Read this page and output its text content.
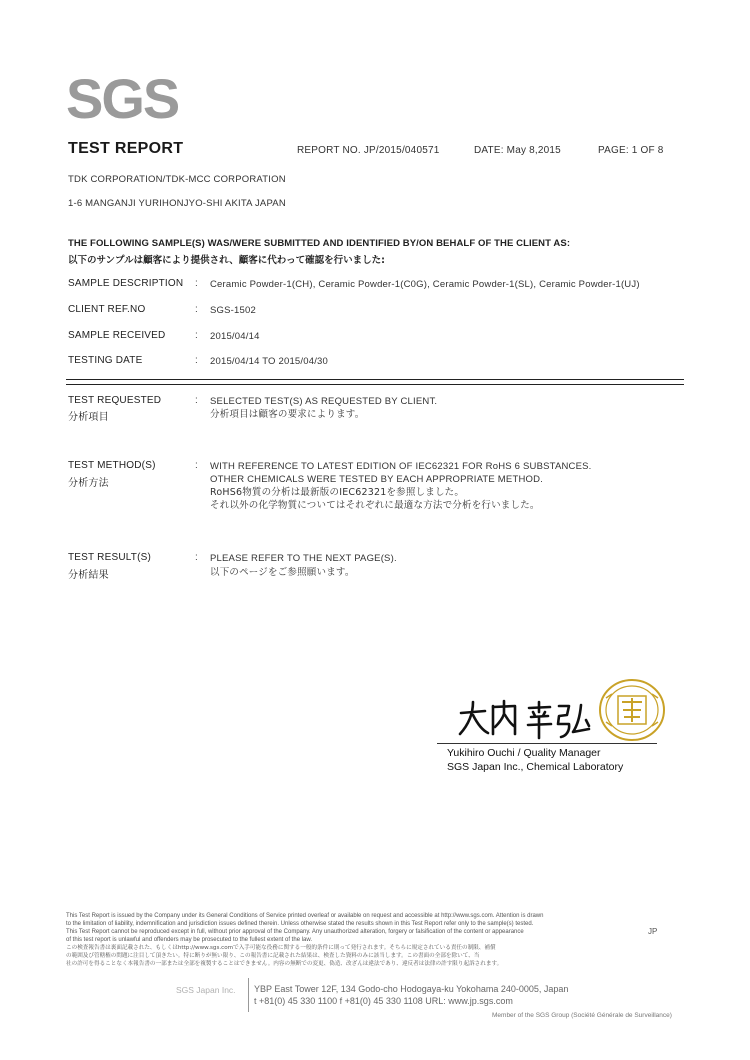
SGS
TEST REPORT	REPORT NO. JP/2015/040571	DATE: May 8,2015	PAGE: 1 OF 8
TDK CORPORATION/TDK-MCC CORPORATION
1-6 MANGANJI YURIHONJYO-SHI AKITA JAPAN
THE FOLLOWING SAMPLE(S) WAS/WERE SUBMITTED AND IDENTIFIED BY/ON BEHALF OF THE CLIENT AS:
以下のサンプルは顧客により提供され、顧客に代わって確認を行いました:
SAMPLE DESCRIPTION : Ceramic Powder-1(CH), Ceramic Powder-1(C0G), Ceramic Powder-1(SL), Ceramic Powder-1(UJ)
CLIENT REF.NO	: SGS-1502
SAMPLE RECEIVED	: 2015/04/14
TESTING DATE	: 2015/04/14 TO 2015/04/30
TEST REQUESTED
分析項目
: SELECTED TEST(S) AS REQUESTED BY CLIENT.
分析項目は顧客の要求によります。
TEST METHOD(S)
分析方法
: WITH REFERENCE TO LATEST EDITION OF IEC62321 FOR RoHS 6 SUBSTANCES.
OTHER CHEMICALS WERE TESTED BY EACH APPROPRIATE METHOD.
RoHS6物質の分析は最新版のIEC62321を参照しました。
それ以外の化学物質についてはそれぞれに最適な方法で分析を行いました。
TEST RESULT(S)
分析結果
: PLEASE REFER TO THE NEXT PAGE(S).
以下のページをご参照願います。
Yukihiro Ouchi / Quality Manager
SGS Japan Inc., Chemical Laboratory
This Test Report is issued by the Company under its General Conditions of Service printed overleaf or available on request and accessible at http://www.sgs.com. Attention is drawn
to the limitation of liability, indemnification and jurisdiction issues defined therein. Unless otherwise stated the results shown in this Test Report refer only to the sample(s) tested.
This Test Report cannot be reproduced except in full, without prior approval of the Company. Any unauthorized alteration, forgery or falsification of the content or appearance
of this test report is unlawful and offenders may be prosecuted to the fullest extent of the law.
この検査報告書は裏面記載された、もしくはhttp://www.sgs.comで入手可能な役務に関する一般的条件に則って発行されます。そちらに規定されている責任の制限、補償
の範囲及び管轄権の問題に注目して頂きたい。特に断りが無い限り、この報告書に記載された結果は、検査した資料のみに該当します。この書面の全部を除いて、当
社の許可を得ることなく本報告書の一部または全部を複製することはできません。内容の無断での変更、偽造、改ざんは違法であり、違反者は法律の許す限り起訴されます。
JP
SGS Japan Inc. YBP East Tower 12F, 134 Godo-cho Hodogaya-ku Yokohama 240-0005, Japan
t +81(0) 45 330 1100 f +81(0) 45 330 1108 URL: www.jp.sgs.com
Member of the SGS Group (Société Générale de Surveillance)
